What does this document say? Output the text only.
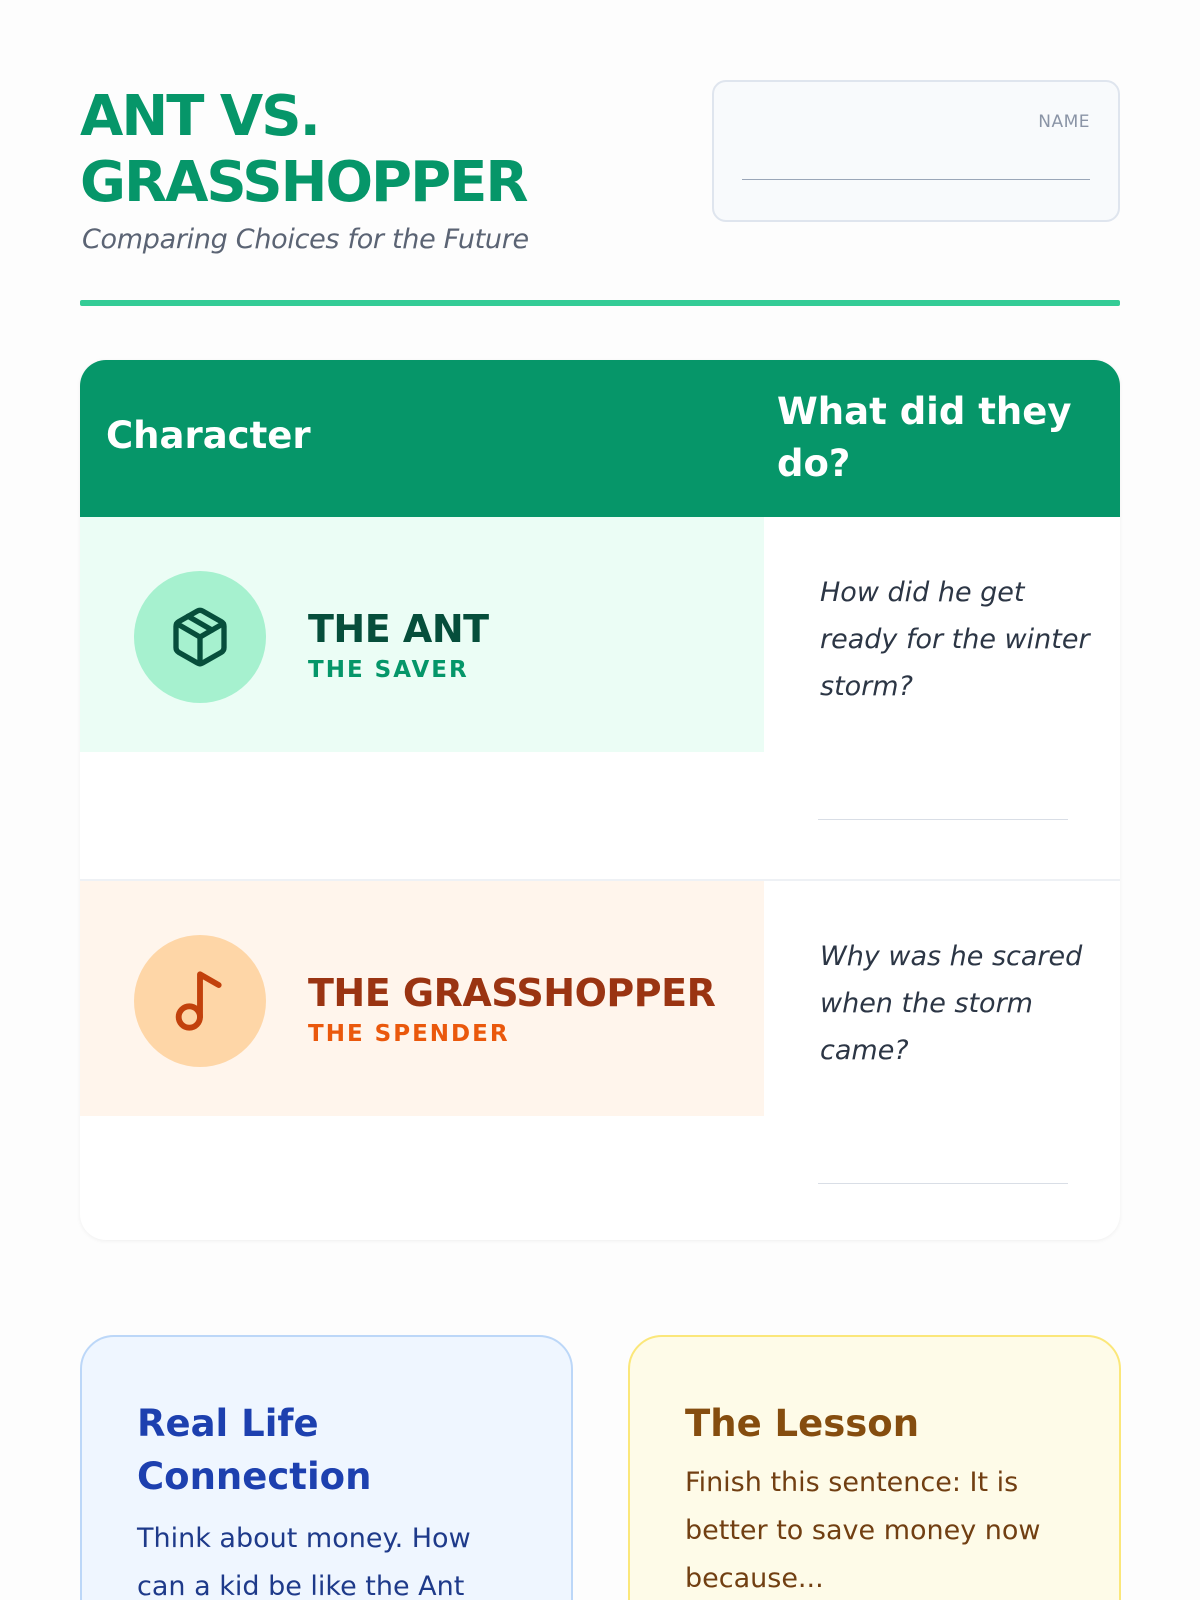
ANT VS.
GRASSHOPPER
Comparing Choices for the Future
NAME
Character
What did they do?
THE ANT
THE SAVER
How did he get ready for the winter storm?
THE GRASSHOPPER
THE SPENDER
Why was he scared when the storm came?
Real Life Connection
Think about money. How can a kid be like the Ant
The Lesson
Finish this sentence: It is better to save money now because...
